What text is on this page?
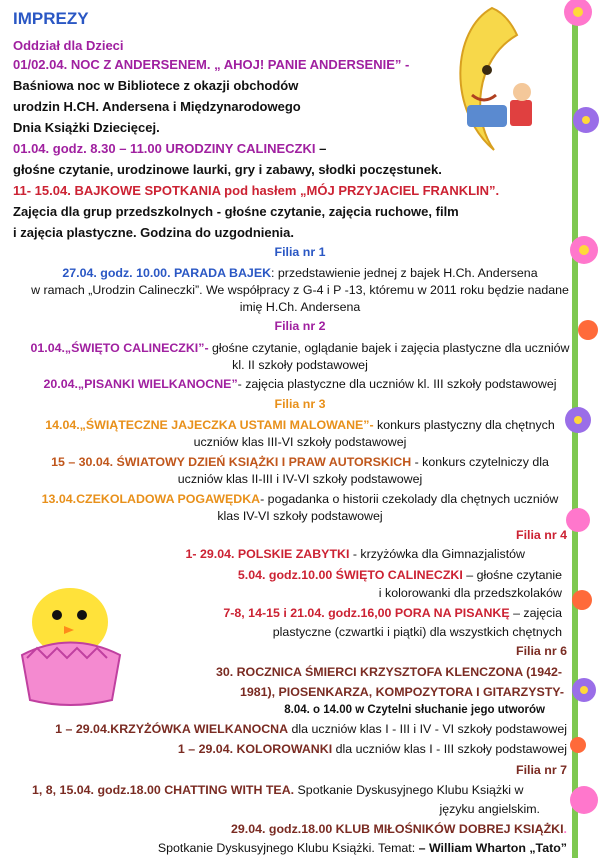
IMPREZY
Oddział dla Dzieci
01/02.04. NOC Z ANDERSENEM. „ AHOJ! PANIE ANDERSENIE” -
Baśniowa noc w Bibliotece z okazji obchodów
urodzin H.CH. Andersena i Międzynarodowego
Dnia Książki Dziecięcej.
01.04. godz. 8.30 – 11.00 URODZINY CALINECZKI –
głośne czytanie, urodzinowe laurki, gry i zabawy, słodki poczęstunek.
11- 15.04. BAJKOWE SPOTKANIA pod hasłem „MÓJ PRZYJACIEL FRANKLIN”.
Zajęcia dla grup przedszkolnych - głośne czytanie, zajęcia ruchowe, film
i zajęcia plastyczne. Godzina do uzgodnienia.
Filia nr 1
27.04. godz. 10.00. PARADA BAJEK: przedstawienie jednej z bajek H.Ch. Andersena
w ramach „Urodzin Calineczki”. We współpracy z G-4 i P -13, któremu w 2011 roku będzie nadane
imię H.Ch. Andersena
Filia nr 2
01.04.„ŚWIĘTO CALINECZKI”- głośne czytanie, oglądanie bajek i zajęcia plastyczne dla uczniów
kl. II szkoły podstawowej
20.04.„PISANKI WIELKANOCNE”- zajęcia plastyczne dla uczniów kl. III szkoły podstawowej
Filia nr 3
14.04.„ŚWIĄTECZNE JAJECZKA USTAMI MALOWANE”- konkurs plastyczny dla chętnych
uczniów klas III-VI szkoły podstawowej
15 – 30.04. ŚWIATOWY DZIEŃ KSIĄŻKI I PRAW AUTORSKICH - konkurs czytelniczy dla
uczniów klas II-III i IV-VI szkoły podstawowej
13.04.CZEKOLADOWA POGAWĘDKA- pogadanka o historii czekolady dla chętnych uczniów
klas IV-VI szkoły podstawowej
Filia nr 4
1- 29.04. POLSKIE ZABYTKI - krzyżówka dla Gimnazjalistów
5.04. godz.10.00 ŚWIĘTO CALINECZKI – głośne czytanie
i kolorowanki dla przedszkolaków
7-8, 14-15 i 21.04. godz.16,00 PORA NA PISANKĘ – zajęcia
plastyczne (czwartki i piątki) dla wszystkich chętnych
Filia nr 6
30. ROCZNICA ŚMIERCI KRZYSZTOFA KLENCZONA (1942-
1981), PIOSENKARZA, KOMPOZYTORA I GITARZYSTY-
8.04. o 14.00 w Czytelni słuchanie jego utworów
1 – 29.04.KRZYŻÓWKA WIELKANOCNA dla uczniów klas I - III i IV - VI szkoły podstawowej
1 – 29.04. KOLOROWANKI dla uczniów klas I - III szkoły podstawowej
Filia nr 7
1, 8, 15.04. godz.18.00 CHATTING WITH TEA. Spotkanie Dyskusyjnego Klubu Książki w
języku angielskim.
29.04. godz.18.00 KLUB MIŁOŚNIKÓW DOBREJ KSIĄŻKI.
Spotkanie Dyskusyjnego Klubu Książki. Temat: – William Wharton „Tato”
